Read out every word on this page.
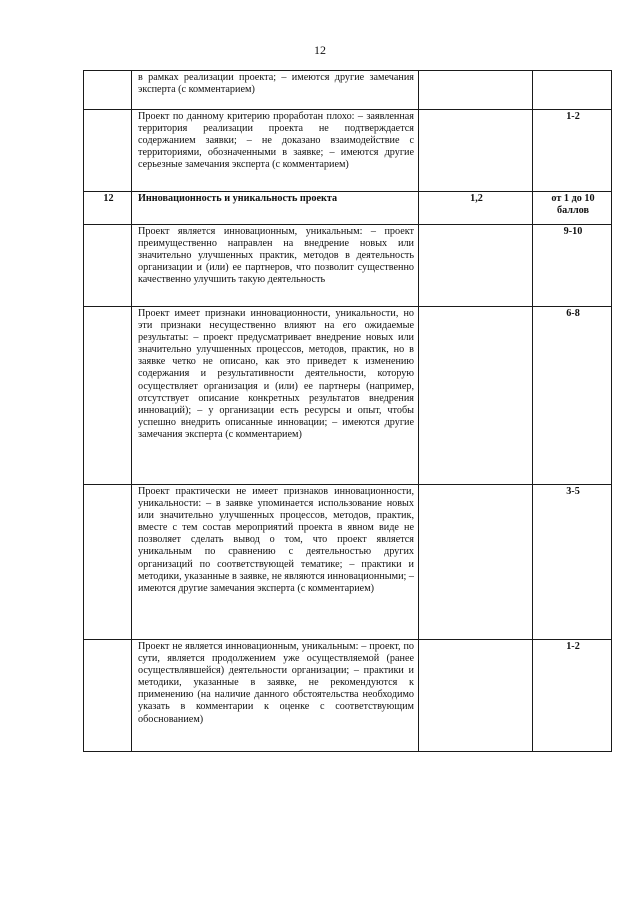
12
	в рамках реализации проекта; – имеются другие замечания эксперта (с комментарием)		
	Проект по данному критерию проработан плохо: – заявленная территория реализации проекта не подтверждается содержанием заявки; – не доказано взаимодействие с территориями, обозначенными в заявке; – имеются другие серьезные замечания эксперта (с комментарием)		1-2
12	Инновационность и уникальность проекта	1,2	от 1 до 10 баллов
	Проект является инновационным, уникальным: – проект преимущественно направлен на внедрение новых или значительно улучшенных практик, методов в деятельность организации и (или) ее партнеров, что позволит существенно качественно улучшить такую деятельность		9-10
	Проект имеет признаки инновационности, уникальности, но эти признаки несущественно влияют на его ожидаемые результаты: – проект предусматривает внедрение новых или значительно улучшенных процессов, методов, практик, но в заявке четко не описано, как это приведет к изменению содержания и результативности деятельности, которую осуществляет организация и (или) ее партнеры (например, отсутствует описание конкретных результатов внедрения инноваций); – у организации есть ресурсы и опыт, чтобы успешно внедрить описанные инновации; – имеются другие замечания эксперта (с комментарием)		6-8
	Проект практически не имеет признаков инновационности, уникальности: – в заявке упоминается использование новых или значительно улучшенных процессов, методов, практик, вместе с тем состав мероприятий проекта в явном виде не позволяет сделать вывод о том, что проект является уникальным по сравнению с деятельностью других организаций по соответствующей тематике; – практики и методики, указанные в заявке, не являются инновационными; – имеются другие замечания эксперта (с комментарием)		3-5
	Проект не является инновационным, уникальным: – проект, по сути, является продолжением уже осуществляемой (ранее осуществлявшейся) деятельности организации; – практики и методики, указанные в заявке, не рекомендуются к применению (на наличие данного обстоятельства необходимо указать в комментарии к оценке с соответствующим обоснованием)		1-2
